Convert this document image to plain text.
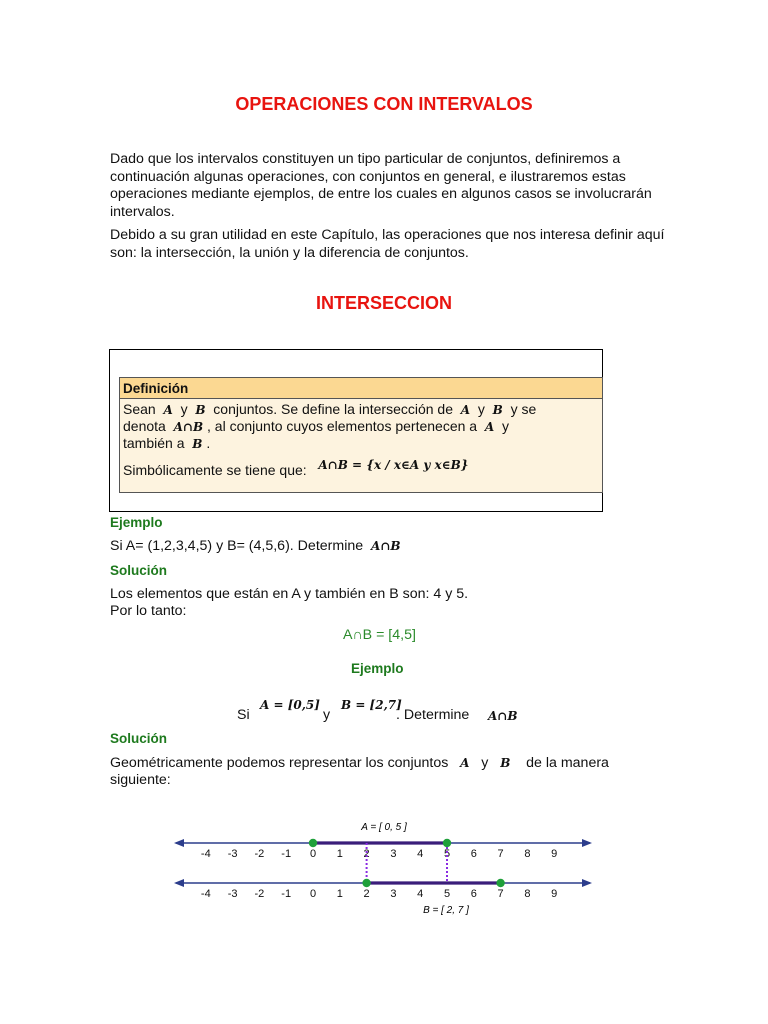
OPERACIONES CON INTERVALOS

Dado que los intervalos constituyen un tipo particular de conjuntos, definiremos a continuación algunas operaciones, con conjuntos en general, e ilustraremos estas operaciones mediante ejemplos, de entre los cuales en algunos casos se involucrarán intervalos.

Debido a su gran utilidad en este Capítulo, las operaciones que nos interesa definir aquí son: la intersección, la unión y la diferencia de conjuntos.

INTERSECCION
Definición
Sean A y B conjuntos. Se define la intersección de A y B y se
denota A∩B , al conjunto cuyos elementos pertenecen a A y
también a B .
Simbólicamente se tiene que: A∩B = {x / x∈A y x∈B}
Ejemplo
Si A= (1,2,3,4,5) y B= (4,5,6). Determine A∩B
Solución
Los elementos que están en A y también en B son: 4 y 5.
Por lo tanto:
A∩B = [4,5]
Ejemplo
Si
A = [0,5]
y
B = [2,7]
. Determine A∩B
Solución
Geométricamente podemos representar los conjuntos A y B de la manera
siguiente:
A = [ 0, 5 ]
B = [ 2, 7 ]
-4 -3 -2 -1 0 1 2 3 4 5 6 7 8 9
-4 -3 -2 -1 0 1 2 3 4 5 6 7 8 9
